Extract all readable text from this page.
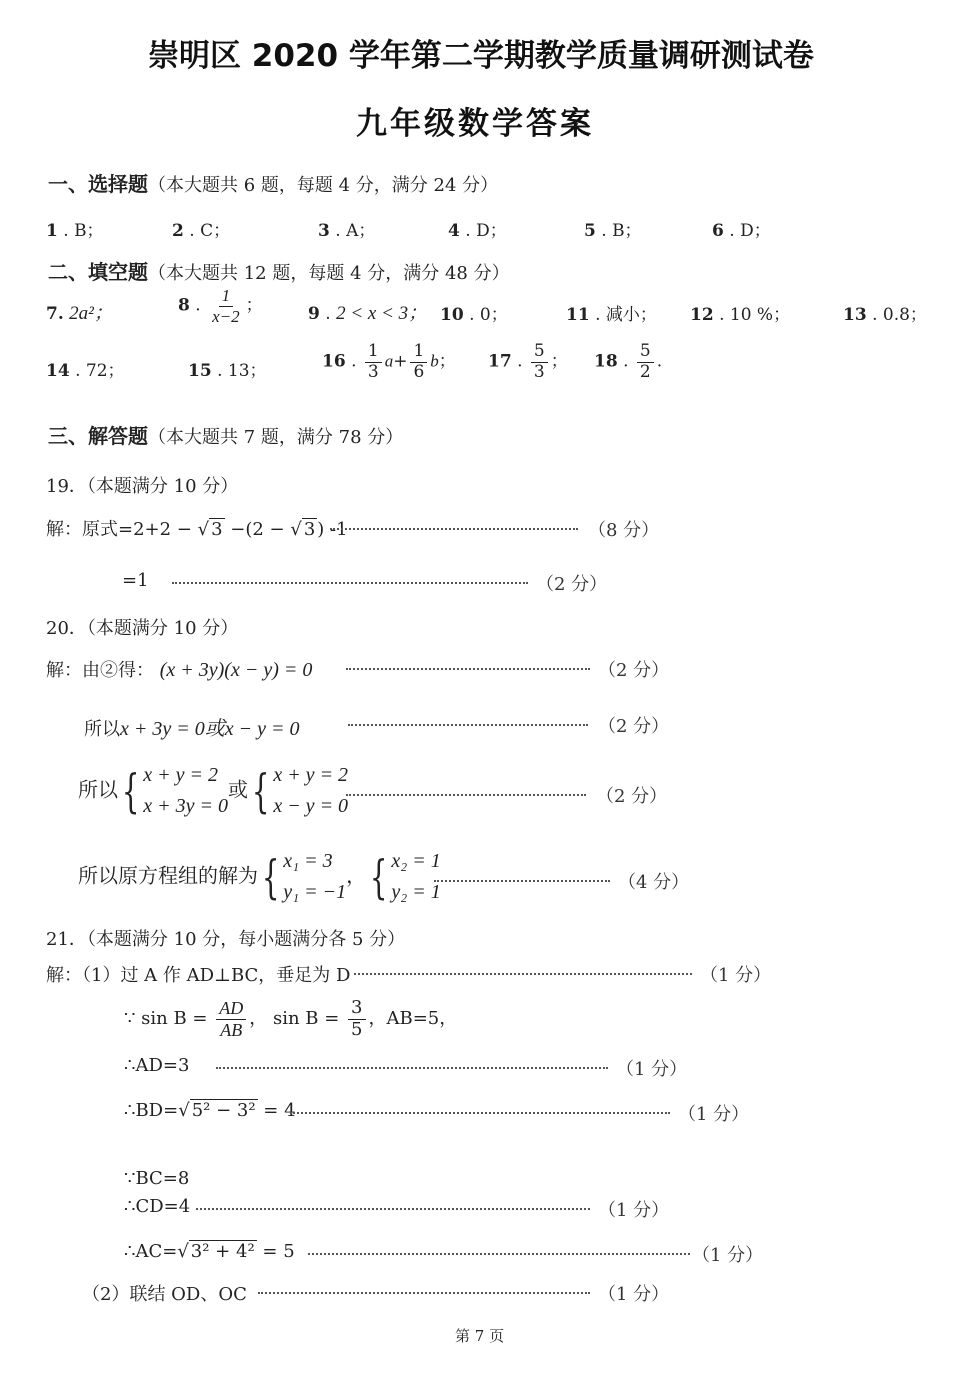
崇明区 2020 学年第二学期教学质量调研测试卷
九年级数学答案
一、选择题（本大题共 6 题，每题 4 分，满分 24 分）
1 . B；	2 . C；	3 . A；	4 . D；	5 . B；	6 . D；
二、填空题（本大题共 12 题，每题 4 分，满分 48 分）
7. 2a²；	8 . $\frac{1}{x-2}$ ；	9 . 2 < x < 3； 10 . 0；	11 . 减小； 12 . 10 %；	13 . 0.8；
14 . 72；	15 . 13；	16 . $\frac{1}{3} a+ \frac{1}{6}$ b； 17 . $\frac{5}{3}$ ； 18 . $\frac{5}{2}$ .
三、解答题（本大题共 7 题，满分 78 分）
19．（本题满分 10 分）
解：原式=2+2 − √ 3 −(2 − √ 3 ) -1	（8 分）
=1	（2 分）
20．（本题满分 10 分）
解：由②得： (x + 3y)(x − y) = 0	（2 分）
所以x + 3y = 0或x − y = 0	（2 分）
所以{ x + y = 2
x + 3y = 0
或{ x + y = 2
x − y = 0	（2 分）
所以原方程组的解为{ x₁ = 3
y₁ = −1
，{ x₂ = 1
y₂ = 1	（4 分）
21．（本题满分 10 分，每小题满分各 5 分）
解：（1）过 A 作 AD⊥BC，垂足为 D	（1 分）
∵ $\sin B = \frac{AD}{AB}$ ， $\sin B = \frac{3}{5}$ ，AB=5，
∴AD=3	（1 分）
∴BD=√ 5² − 3² = 4	（1 分）
∵BC=8
∴CD=4	（1 分）
∴AC=√ 3² + 4² = 5	（1 分）
（2）联结 OD、OC	（1 分）
第 7 页
